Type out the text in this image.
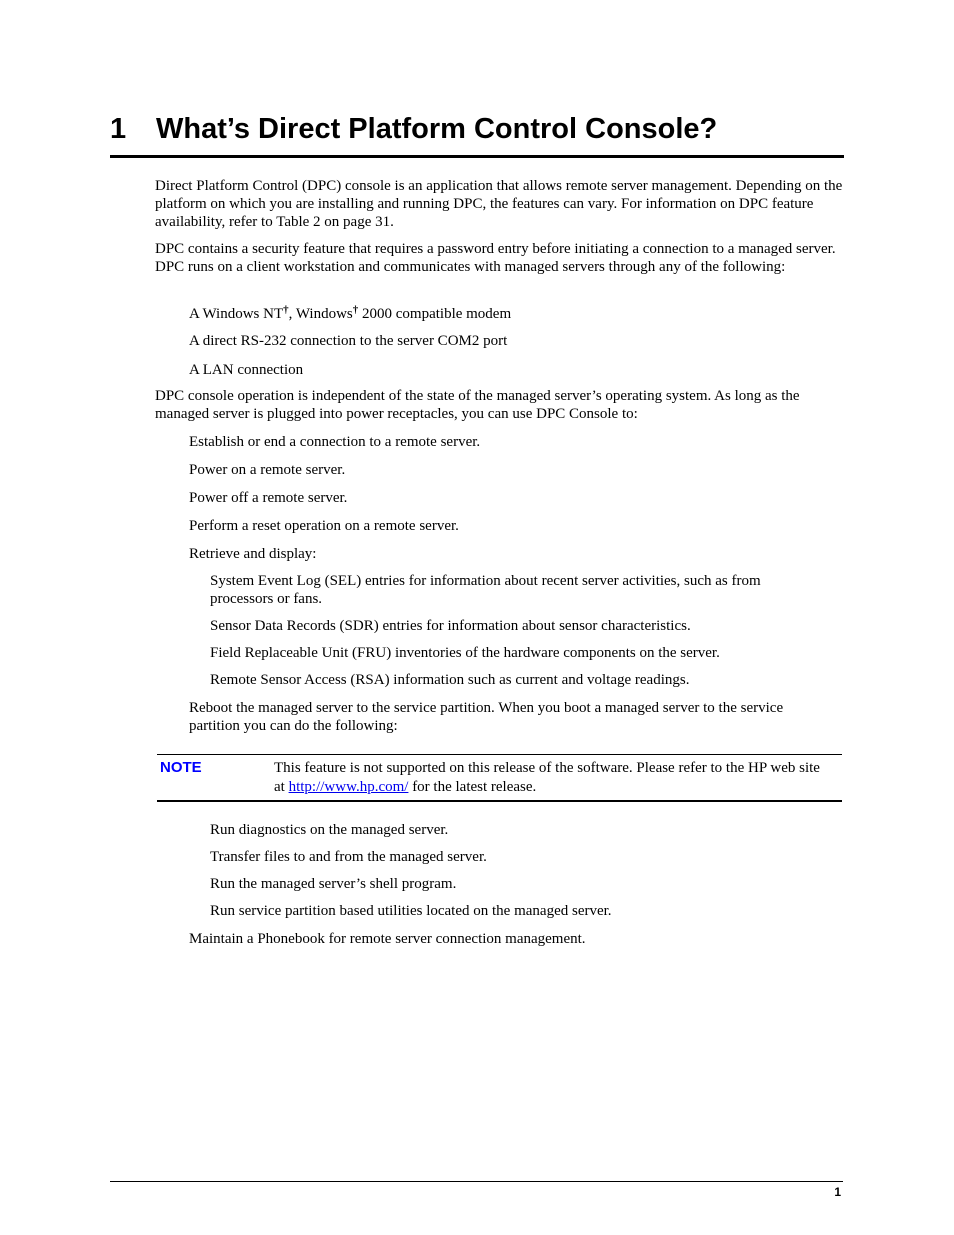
1 What’s Direct Platform Control Console?
Direct Platform Control (DPC) console is an application that allows remote server management. Depending on the platform on which you are installing and running DPC, the features can vary. For information on DPC feature availability, refer to Table 2 on page 31.
DPC contains a security feature that requires a password entry before initiating a connection to a managed server. DPC runs on a client workstation and communicates with managed servers through any of the following:
A Windows NT†, Windows† 2000 compatible modem
A direct RS-232 connection to the server COM2 port
A LAN connection
DPC console operation is independent of the state of the managed server’s operating system. As long as the managed server is plugged into power receptacles, you can use DPC Console to:
Establish or end a connection to a remote server.
Power on a remote server.
Power off a remote server.
Perform a reset operation on a remote server.
Retrieve and display:
System Event Log (SEL) entries for information about recent server activities, such as from processors or fans.
Sensor Data Records (SDR) entries for information about sensor characteristics.
Field Replaceable Unit (FRU) inventories of the hardware components on the server.
Remote Sensor Access (RSA) information such as current and voltage readings.
Reboot the managed server to the service partition. When you boot a managed server to the service partition you can do the following:
NOTE	This feature is not supported on this release of the software. Please refer to the HP web site at http://www.hp.com/ for the latest release.
Run diagnostics on the managed server.
Transfer files to and from the managed server.
Run the managed server’s shell program.
Run service partition based utilities located on the managed server.
Maintain a Phonebook for remote server connection management.
1
